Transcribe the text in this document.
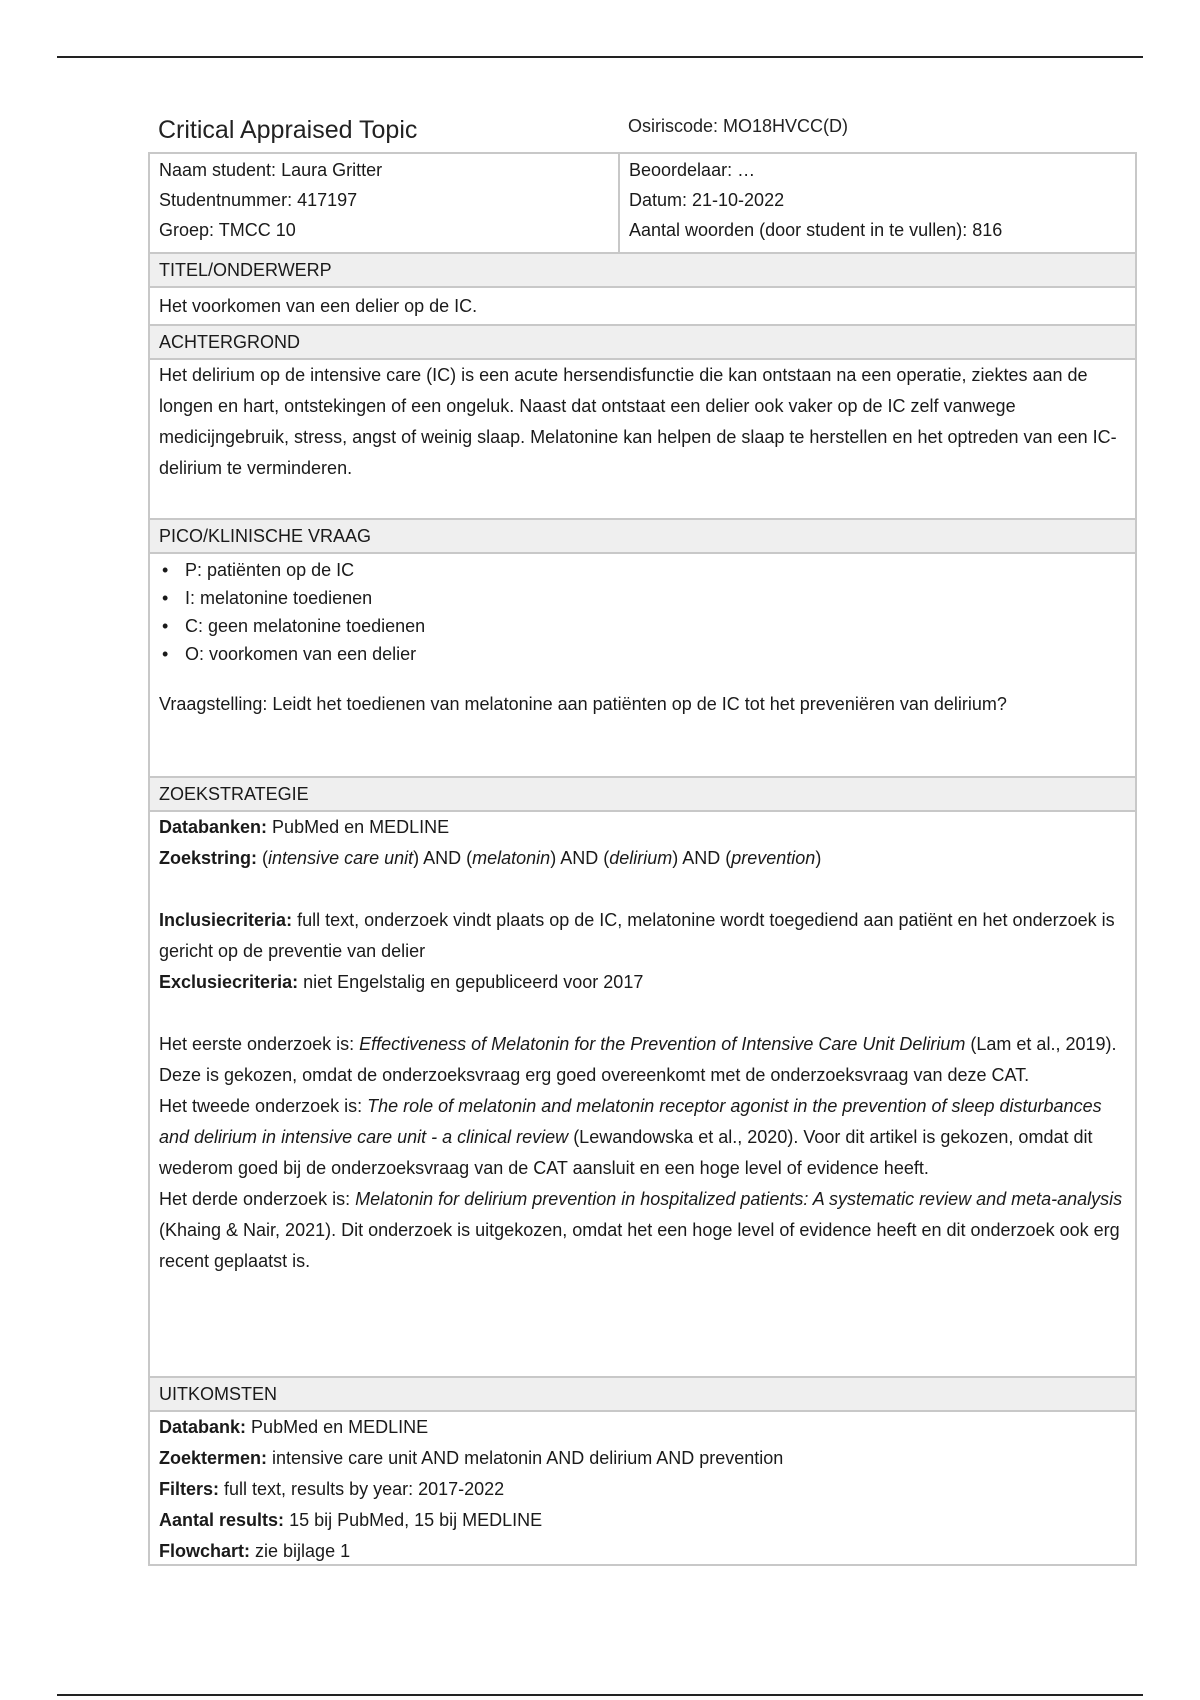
Critical Appraised Topic	Osiriscode: MO18HVCC(D)
Naam student: Laura Gritter
Studentnummer: 417197
Groep: TMCC 10
Beoordelaar: …
Datum: 21-10-2022
Aantal woorden (door student in te vullen): 816
TITEL/ONDERWERP

Het voorkomen van een delier op de IC.

ACHTERGROND

Het delirium op de intensive care (IC) is een acute hersendisfunctie die kan ontstaan na een operatie, ziektes aan de longen en hart, ontstekingen of een ongeluk. Naast dat ontstaat een delier ook vaker op de IC zelf vanwege medicijngebruik, stress, angst of weinig slaap. Melatonine kan helpen de slaap te herstellen en het optreden van een IC-delirium te verminderen.

PICO/KLINISCHE VRAAG
• P: patiënten op de IC
• I: melatonine toedienen
• C: geen melatonine toedienen
• O: voorkomen van een delier

Vraagstelling: Leidt het toedienen van melatonine aan patiënten op de IC tot het preveniëren van delirium?

ZOEKSTRATEGIE

Databanken: PubMed en MEDLINE

Zoekstring: (intensive care unit) AND (melatonin) AND (delirium) AND (prevention)

Inclusiecriteria: full text, onderzoek vindt plaats op de IC, melatonine wordt toegediend aan patiënt en het onderzoek is gericht op de preventie van delier

Exclusiecriteria: niet Engelstalig en gepubliceerd voor 2017

Het eerste onderzoek is: Effectiveness of Melatonin for the Prevention of Intensive Care Unit Delirium (Lam et al., 2019). Deze is gekozen, omdat de onderzoeksvraag erg goed overeenkomt met de onderzoeksvraag van deze CAT.

Het tweede onderzoek is: The role of melatonin and melatonin receptor agonist in the prevention of sleep disturbances and delirium in intensive care unit - a clinical review (Lewandowska et al., 2020). Voor dit artikel is gekozen, omdat dit wederom goed bij de onderzoeksvraag van de CAT aansluit en een hoge level of evidence heeft.

Het derde onderzoek is: Melatonin for delirium prevention in hospitalized patients: A systematic review and meta-analysis (Khaing & Nair, 2021). Dit onderzoek is uitgekozen, omdat het een hoge level of evidence heeft en dit onderzoek ook erg recent geplaatst is.

UITKOMSTEN

Databank: PubMed en MEDLINE

Zoektermen: intensive care unit AND melatonin AND delirium AND prevention

Filters: full text, results by year: 2017-2022

Aantal results: 15 bij PubMed, 15 bij MEDLINE

Flowchart: zie bijlage 1
